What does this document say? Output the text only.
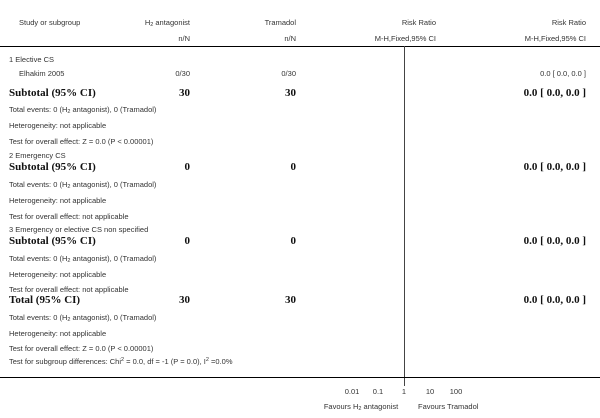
Study or subgroup	H2 antagonist	Tramadol	Risk Ratio	Risk Ratio
n/N	n/N	M-H,Fixed,95% CI	M-H,Fixed,95% CI
1 Elective CS
Elhakim 2005	0/30	0/30	0.0 [ 0.0, 0.0 ]
Subtotal (95% CI)	30	30	0.0 [ 0.0, 0.0 ]
Total events: 0 (H2 antagonist), 0 (Tramadol)
Heterogeneity: not applicable
Test for overall effect: Z = 0.0 (P < 0.00001)
2 Emergency CS
Subtotal (95% CI)	0	0	0.0 [ 0.0, 0.0 ]
Total events: 0 (H2 antagonist), 0 (Tramadol)
Heterogeneity: not applicable
Test for overall effect: not applicable
3 Emergency or elective CS non specified
Subtotal (95% CI)	0	0	0.0 [ 0.0, 0.0 ]
Total events: 0 (H2 antagonist), 0 (Tramadol)
Heterogeneity: not applicable
Test for overall effect: not applicable
Total (95% CI)	30	30	0.0 [ 0.0, 0.0 ]
Total events: 0 (H2 antagonist), 0 (Tramadol)
Heterogeneity: not applicable
Test for overall effect: Z = 0.0 (P < 0.00001)
Test for subgroup differences: Chi$^2$ = 0.0, df = -1 (P = 0.0), $I^2 =0.0\%$
0.01	0.1	1	10	100
Favours H2 antagonist	Favours Tramadol
